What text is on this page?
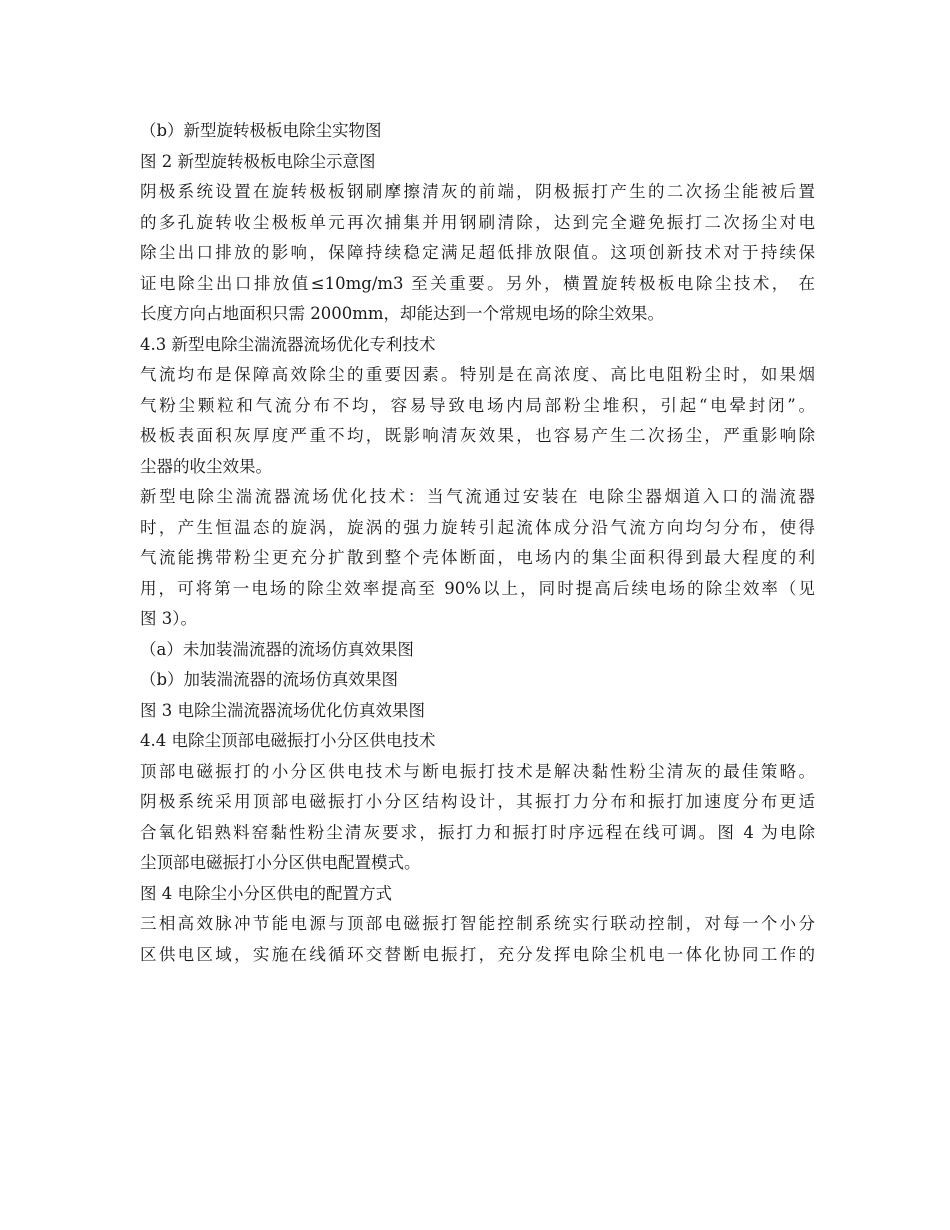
（b）新型旋转极板电除尘实物图
图 2 新型旋转极板电除尘示意图
阴极系统设置在旋转极板钢刷摩擦清灰的前端，阴极振打产生的二次扬尘能被后置
的多孔旋转收尘极板单元再次捕集并用钢刷清除，达到完全避免振打二次扬尘对电
除尘出口排放的影响，保障持续稳定满足超低排放限值。这项创新技术对于持续保
证电除尘出口排放值≤10mg/m3 至关重要。另外，横置旋转极板电除尘技术， 在
长度方向占地面积只需 2000mm，却能达到一个常规电场的除尘效果。
4.3 新型电除尘湍流器流场优化专利技术
气流均布是保障高效除尘的重要因素。特别是在高浓度、高比电阻粉尘时，如果烟
气粉尘颗粒和气流分布不均，容易导致电场内局部粉尘堆积，引起“电晕封闭”。
极板表面积灰厚度严重不均，既影响清灰效果，也容易产生二次扬尘，严重影响除
尘器的收尘效果。
新型电除尘湍流器流场优化技术：当气流通过安装在 电除尘器烟道入口的湍流器
时，产生恒温态的旋涡，旋涡的强力旋转引起流体成分沿气流方向均匀分布，使得
气流能携带粉尘更充分扩散到整个壳体断面，电场内的集尘面积得到最大程度的利
用，可将第一电场的除尘效率提高至 90%以上，同时提高后续电场的除尘效率（见
图 3）。
（a）未加装湍流器的流场仿真效果图
（b）加装湍流器的流场仿真效果图
图 3 电除尘湍流器流场优化仿真效果图
4.4 电除尘顶部电磁振打小分区供电技术
顶部电磁振打的小分区供电技术与断电振打技术是解决黏性粉尘清灰的最佳策略。
阴极系统采用顶部电磁振打小分区结构设计，其振打力分布和振打加速度分布更适
合氧化铝熟料窑黏性粉尘清灰要求，振打力和振打时序远程在线可调。图 4 为电除
尘顶部电磁振打小分区供电配置模式。
图 4 电除尘小分区供电的配置方式
三相高效脉冲节能电源与顶部电磁振打智能控制系统实行联动控制，对每一个小分
区供电区域，实施在线循环交替断电振打，充分发挥电除尘机电一体化协同工作的
